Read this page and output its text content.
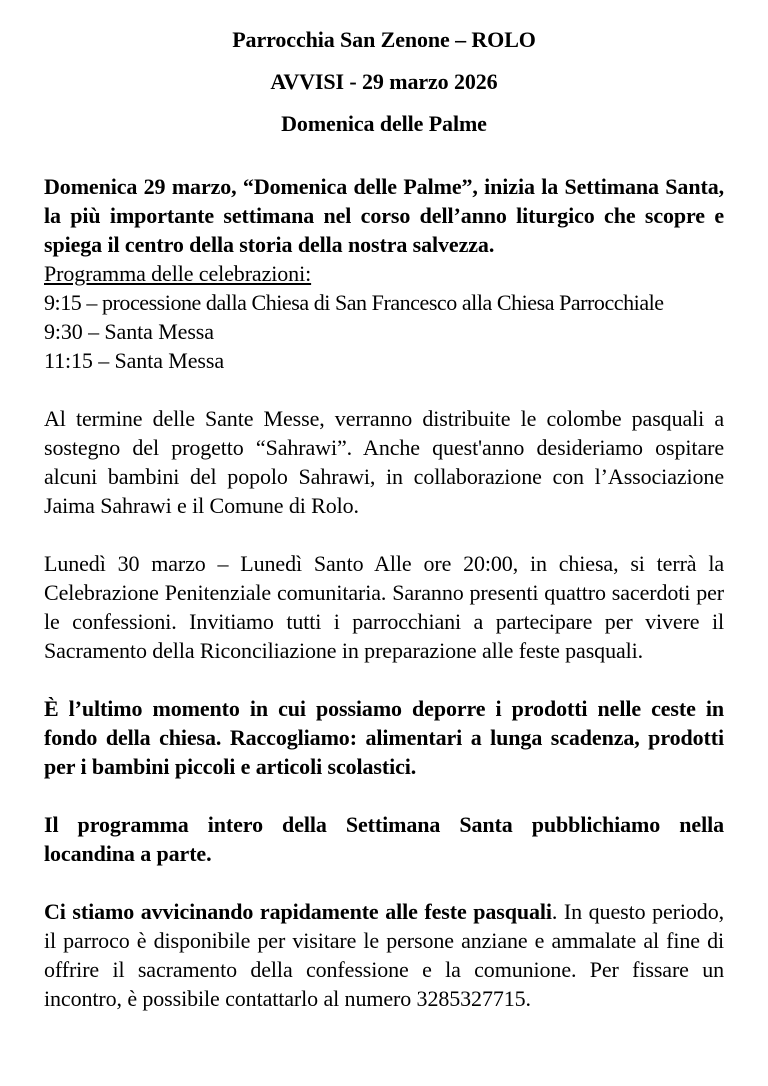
Parrocchia San Zenone – ROLO

AVVISI - 29 marzo 2026

Domenica delle Palme

Domenica 29 marzo, “Domenica delle Palme”, inizia la Settimana Santa, la più importante settimana nel corso dell’anno liturgico che scopre e spiega il centro della storia della nostra salvezza.

Programma delle celebrazioni:

9:15 – processione dalla Chiesa di San Francesco alla Chiesa Parrocchiale

9:30 – Santa Messa

11:15 – Santa Messa

Al termine delle Sante Messe, verranno distribuite le colombe pasquali a sostegno del progetto “Sahrawi”. Anche quest'anno desideriamo ospitare alcuni bambini del popolo Sahrawi, in collaborazione con l’Associazione Jaima Sahrawi e il Comune di Rolo.

Lunedì 30 marzo – Lunedì Santo Alle ore 20:00, in chiesa, si terrà la Celebrazione Penitenziale comunitaria. Saranno presenti quattro sacerdoti per le confessioni. Invitiamo tutti i parrocchiani a partecipare per vivere il Sacramento della Riconciliazione in preparazione alle feste pasquali.

È l’ultimo momento in cui possiamo deporre i prodotti nelle ceste in fondo della chiesa. Raccogliamo: alimentari a lunga scadenza, prodotti per i bambini piccoli e articoli scolastici.

Il programma intero della Settimana Santa pubblichiamo nella locandina a parte.

Ci stiamo avvicinando rapidamente alle feste pasquali. In questo periodo, il parroco è disponibile per visitare le persone anziane e ammalate al fine di offrire il sacramento della confessione e la comunione. Per fissare un incontro, è possibile contattarlo al numero 3285327715.
